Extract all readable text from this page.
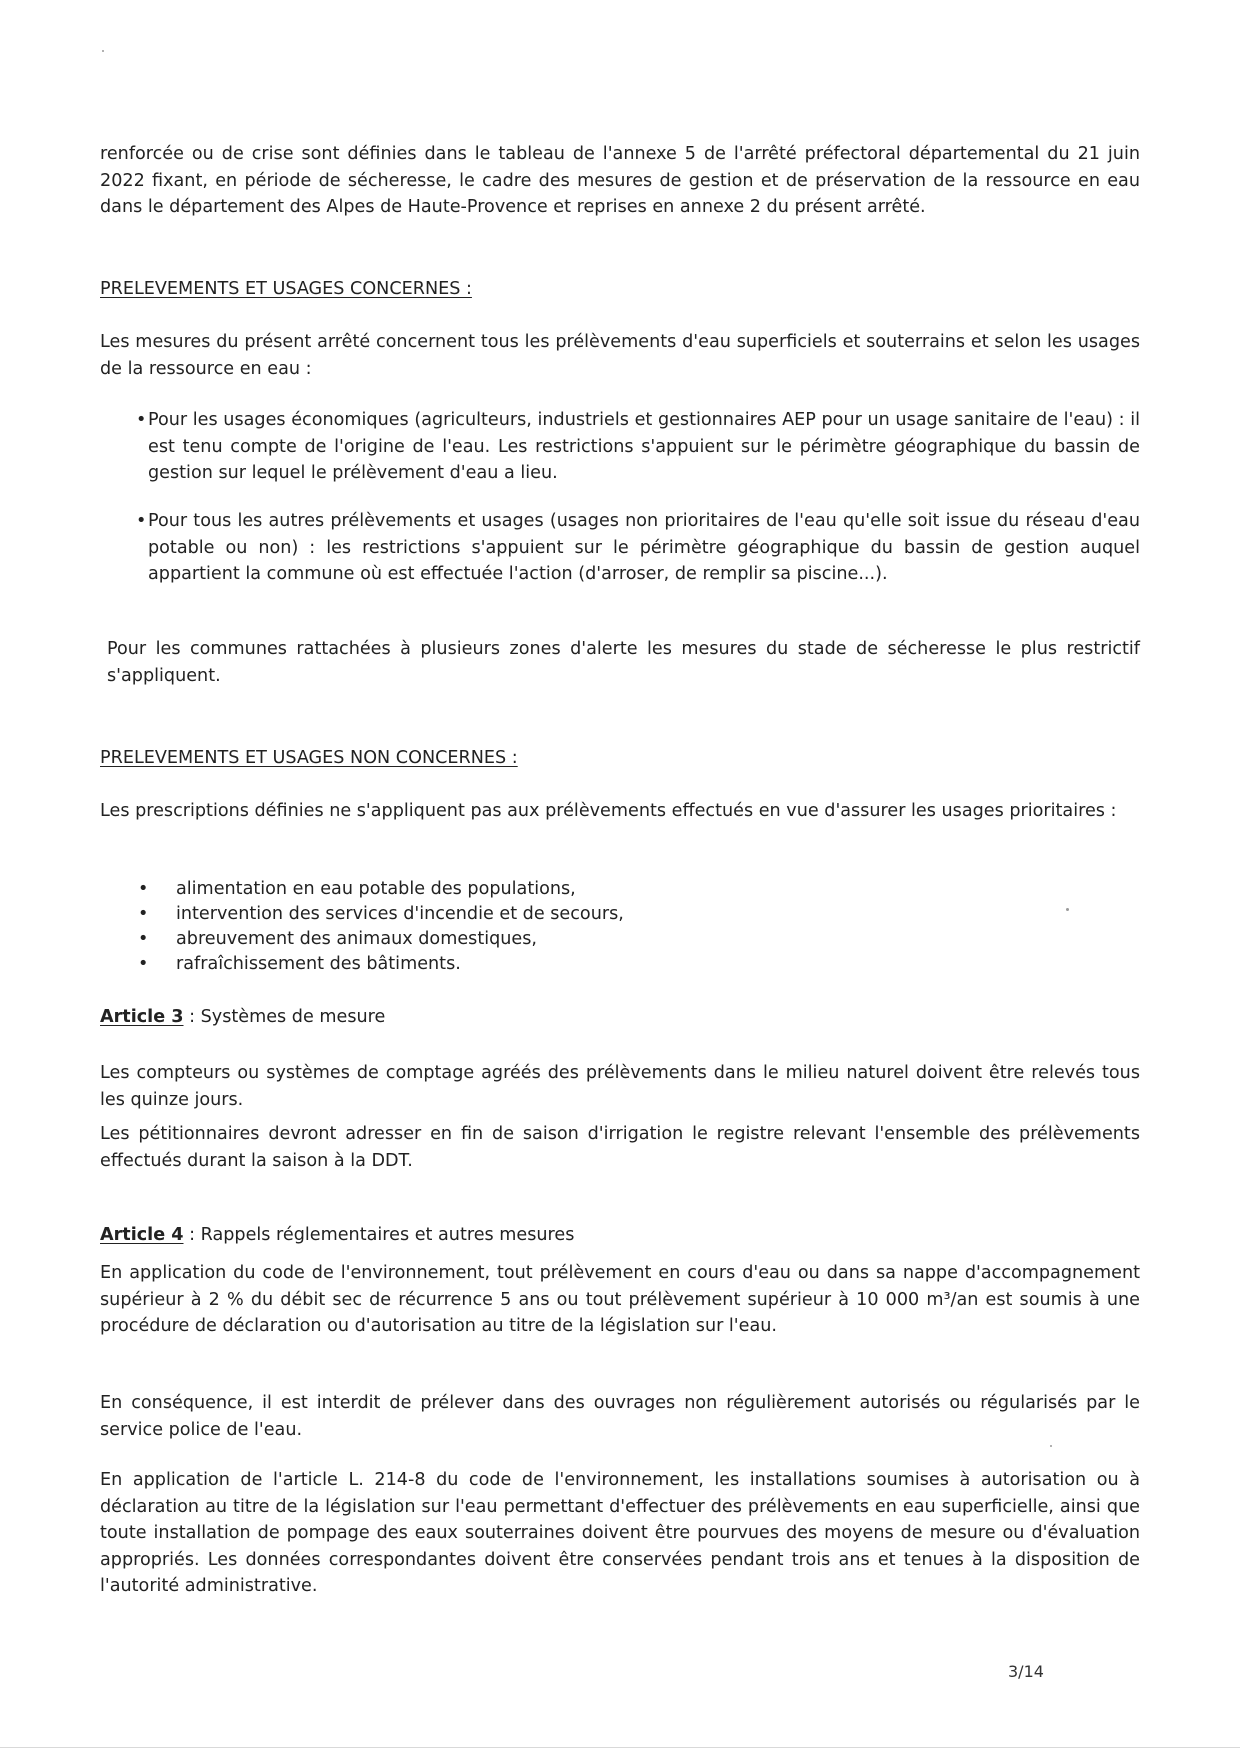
renforcée ou de crise sont définies dans le tableau de l'annexe 5 de l'arrêté préfectoral départemental du 21 juin 2022 fixant, en période de sécheresse, le cadre des mesures de gestion et de préservation de la ressource en eau dans le département des Alpes de Haute-Provence et reprises en annexe 2 du présent arrêté.

PRELEVEMENTS ET USAGES CONCERNES :

Les mesures du présent arrêté concernent tous les prélèvements d'eau superficiels et souterrains et selon les usages de la ressource en eau :

• Pour les usages économiques (agriculteurs, industriels et gestionnaires AEP pour un usage sanitaire de l'eau) : il est tenu compte de l'origine de l'eau. Les restrictions s'appuient sur le périmètre géographique du bassin de gestion sur lequel le prélèvement d'eau a lieu.
• Pour tous les autres prélèvements et usages (usages non prioritaires de l'eau qu'elle soit issue du réseau d'eau potable ou non) : les restrictions s'appuient sur le périmètre géographique du bassin de gestion auquel appartient la commune où est effectuée l'action (d'arroser, de remplir sa piscine...).

Pour les communes rattachées à plusieurs zones d'alerte les mesures du stade de sécheresse le plus restrictif s'appliquent.

PRELEVEMENTS ET USAGES NON CONCERNES :

Les prescriptions définies ne s'appliquent pas aux prélèvements effectués en vue d'assurer les usages prioritaires :

• alimentation en eau potable des populations,
• intervention des services d'incendie et de secours,
• abreuvement des animaux domestiques,
• rafraîchissement des bâtiments.

Article 3 : Systèmes de mesure

Les compteurs ou systèmes de comptage agréés des prélèvements dans le milieu naturel doivent être relevés tous les quinze jours.

Les pétitionnaires devront adresser en fin de saison d'irrigation le registre relevant l'ensemble des prélèvements effectués durant la saison à la DDT.

Article 4 : Rappels réglementaires et autres mesures

En application du code de l'environnement, tout prélèvement en cours d'eau ou dans sa nappe d'accompagnement supérieur à 2 % du débit sec de récurrence 5 ans ou tout prélèvement supérieur à 10 000 m³/an est soumis à une procédure de déclaration ou d'autorisation au titre de la législation sur l'eau.

En conséquence, il est interdit de prélever dans des ouvrages non régulièrement autorisés ou régularisés par le service police de l'eau.

En application de l'article L. 214-8 du code de l'environnement, les installations soumises à autorisation ou à déclaration au titre de la législation sur l'eau permettant d'effectuer des prélèvements en eau superficielle, ainsi que toute installation de pompage des eaux souterraines doivent être pourvues des moyens de mesure ou d'évaluation appropriés. Les données correspondantes doivent être conservées pendant trois ans et tenues à la disposition de l'autorité administrative.

3/14
